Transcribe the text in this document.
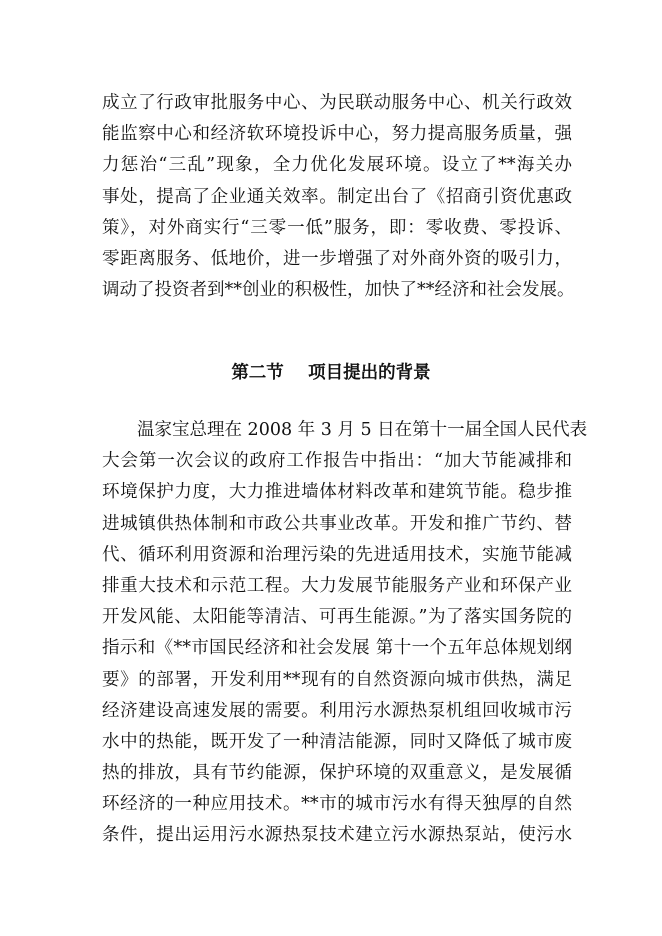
成立了行政审批服务中心、为民联动服务中心、机关行政效
能监察中心和经济软环境投诉中心，努力提高服务质量，强
力惩治“三乱”现象，全力优化发展环境。设立了**海关办
事处，提高了企业通关效率。制定出台了《招商引资优惠政
策》，对外商实行“三零一低”服务，即：零收费、零投诉、
零距离服务、低地价，进一步增强了对外商外资的吸引力，
调动了投资者到**创业的积极性，加快了**经济和社会发展。
第二节    项目提出的背景
温家宝总理在 2008 年 3 月 5 日在第十一届全国人民代表
大会第一次会议的政府工作报告中指出：“加大节能减排和
环境保护力度，大力推进墙体材料改革和建筑节能。稳步推
进城镇供热体制和市政公共事业改革。开发和推广节约、替
代、循环利用资源和治理污染的先进适用技术，实施节能减
排重大技术和示范工程。大力发展节能服务产业和环保产业
开发风能、太阳能等清洁、可再生能源。”为了落实国务院的
指示和《**市国民经济和社会发展 第十一个五年总体规划纲
要》的部署，开发利用**现有的自然资源向城市供热，满足
经济建设高速发展的需要。利用污水源热泵机组回收城市污
水中的热能，既开发了一种清洁能源，同时又降低了城市废
热的排放，具有节约能源，保护环境的双重意义，是发展循
环经济的一种应用技术。**市的城市污水有得天独厚的自然
条件，提出运用污水源热泵技术建立污水源热泵站，使污水
